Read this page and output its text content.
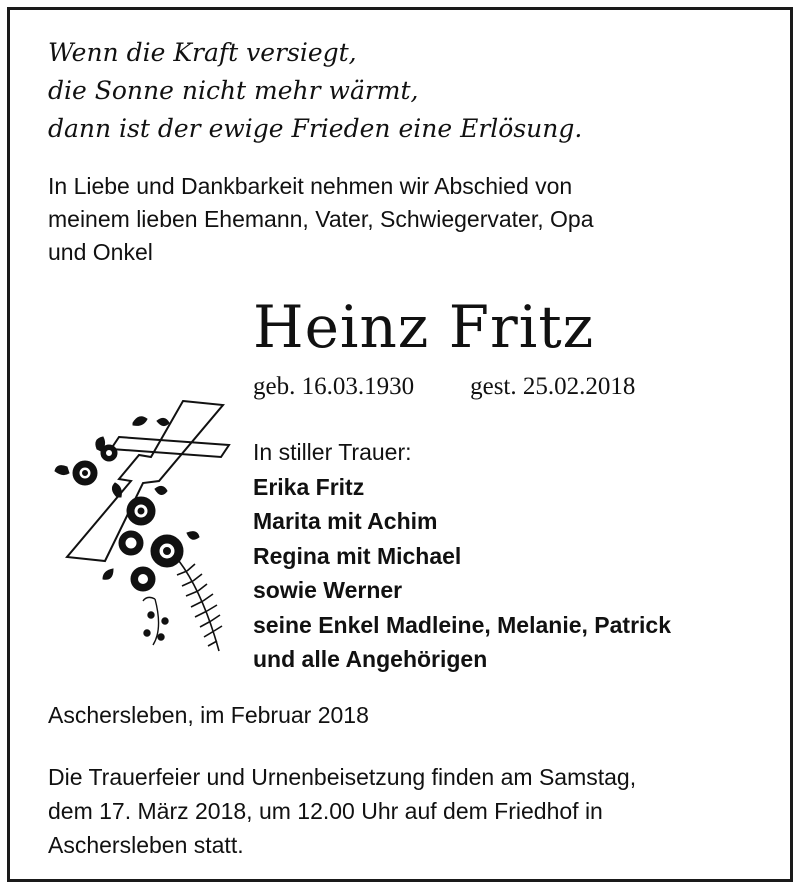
Wenn die Kraft versiegt,
die Sonne nicht mehr wärmt,
dann ist der ewige Frieden eine Erlösung.
In Liebe und Dankbarkeit nehmen wir Abschied von
meinem lieben Ehemann, Vater, Schwiegervater, Opa
und Onkel
Heinz Fritz
geb. 16.03.1930 gest. 25.02.2018
In stiller Trauer:
Erika Fritz
Marita mit Achim
Regina mit Michael
sowie Werner
seine Enkel Madleine, Melanie, Patrick
und alle Angehörigen
Aschersleben, im Februar 2018
Die Trauerfeier und Urnenbeisetzung finden am Samstag,
dem 17. März 2018, um 12.00 Uhr auf dem Friedhof in
Aschersleben statt.
